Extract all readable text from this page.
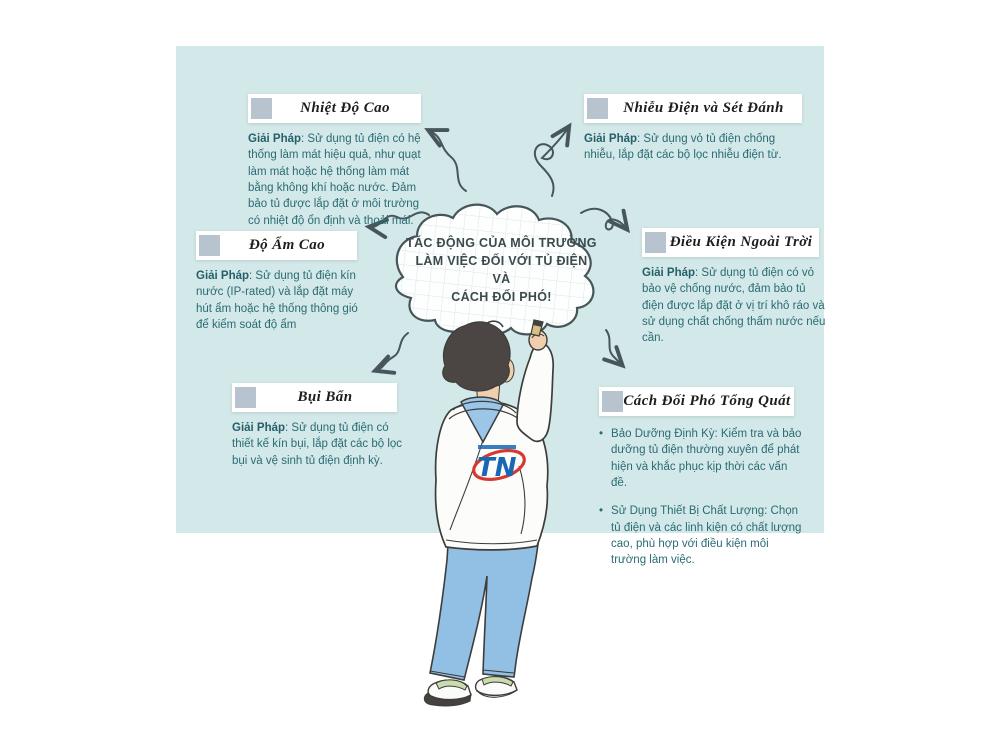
Nhiệt Độ Cao

Giải Pháp: Sử dụng tủ điện có hệ thống làm mát hiệu quả, như quạt làm mát hoặc hệ thống làm mát bằng không khí hoặc nước. Đảm bảo tủ được lắp đặt ở môi trường có nhiệt độ ổn định và thoải mái.

Nhiễu Điện và Sét Đánh

Giải Pháp: Sử dụng vỏ tủ điện chống nhiễu, lắp đặt các bộ lọc nhiễu điện từ.

Độ Ẩm Cao

Giải Pháp: Sử dụng tủ điện kín nước (IP-rated) và lắp đặt máy hút ẩm hoặc hệ thống thông gió để kiểm soát độ ẩm

Điều Kiện Ngoài Trời

Giải Pháp: Sử dụng tủ điện có vỏ bảo vệ chống nước, đảm bảo tủ điện được lắp đặt ở vị trí khô ráo và sử dụng chất chống thấm nước nếu cần.

Bụi Bẩn

Giải Pháp: Sử dụng tủ điện có thiết kế kín bụi, lắp đặt các bộ lọc bụi và vệ sinh tủ điện định kỳ.

Cách Đối Phó Tổng Quát
• Bảo Dưỡng Định Kỳ: Kiểm tra và bảo dưỡng tủ điện thường xuyên để phát hiện và khắc phục kịp thời các vấn đề.
• Sử Dụng Thiết Bị Chất Lượng: Chọn tủ điện và các linh kiện có chất lượng cao, phù hợp với điều kiện môi trường làm việc.
TÁC ĐỘNG CỦA MÔI TRƯỜNG
LÀM VIỆC ĐỐI VỚI TỦ ĐIỆN
VÀ
CÁCH ĐỐI PHÓ!
TN
